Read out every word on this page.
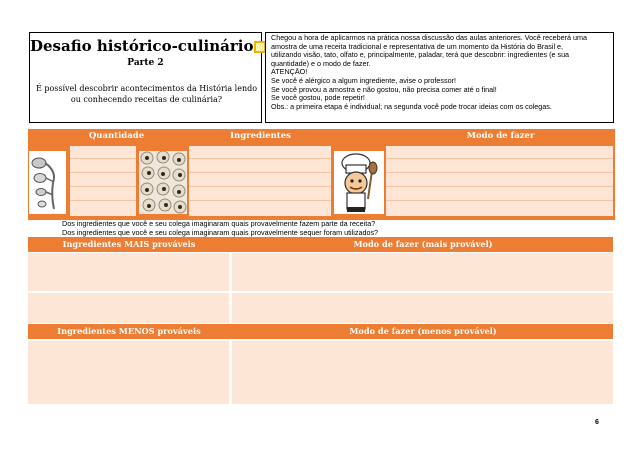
Desafio histórico-culinário
Parte 2
É possível descobrir acontecimentos da História lendo ou conhecendo receitas de culinária?
Chegou a hora de aplicarmos na prática nossa discussão das aulas anteriores. Você receberá uma
amostra de uma receita tradicional e representativa de um momento da História do Brasil e,
utilizando visão, tato, olfato e, principalmente, paladar, terá que descobrir: ingredientes (e sua
quantidade) e o modo de fazer.
ATENÇÃO!
Se você é alérgico a algum ingrediente, avise o professor!
Se você provou a amostra e não gostou, não precisa comer até o final!
Se você gostou, pode repetir!
Obs.: a primeira etapa é individual; na segunda você pode trocar ideias com os colegas.
Quantidade	Ingredientes	Modo de fazer
Dos ingredientes que você e seu colega imaginaram quais provavelmente fazem parte da receita?
Dos ingredientes que você e seu colega imaginaram quais provavelmente sequer foram utilizados?
Ingredientes MAIS prováveis	Modo de fazer (mais provável)
Ingredientes MENOS prováveis	Modo de fazer (menos provável)
6
